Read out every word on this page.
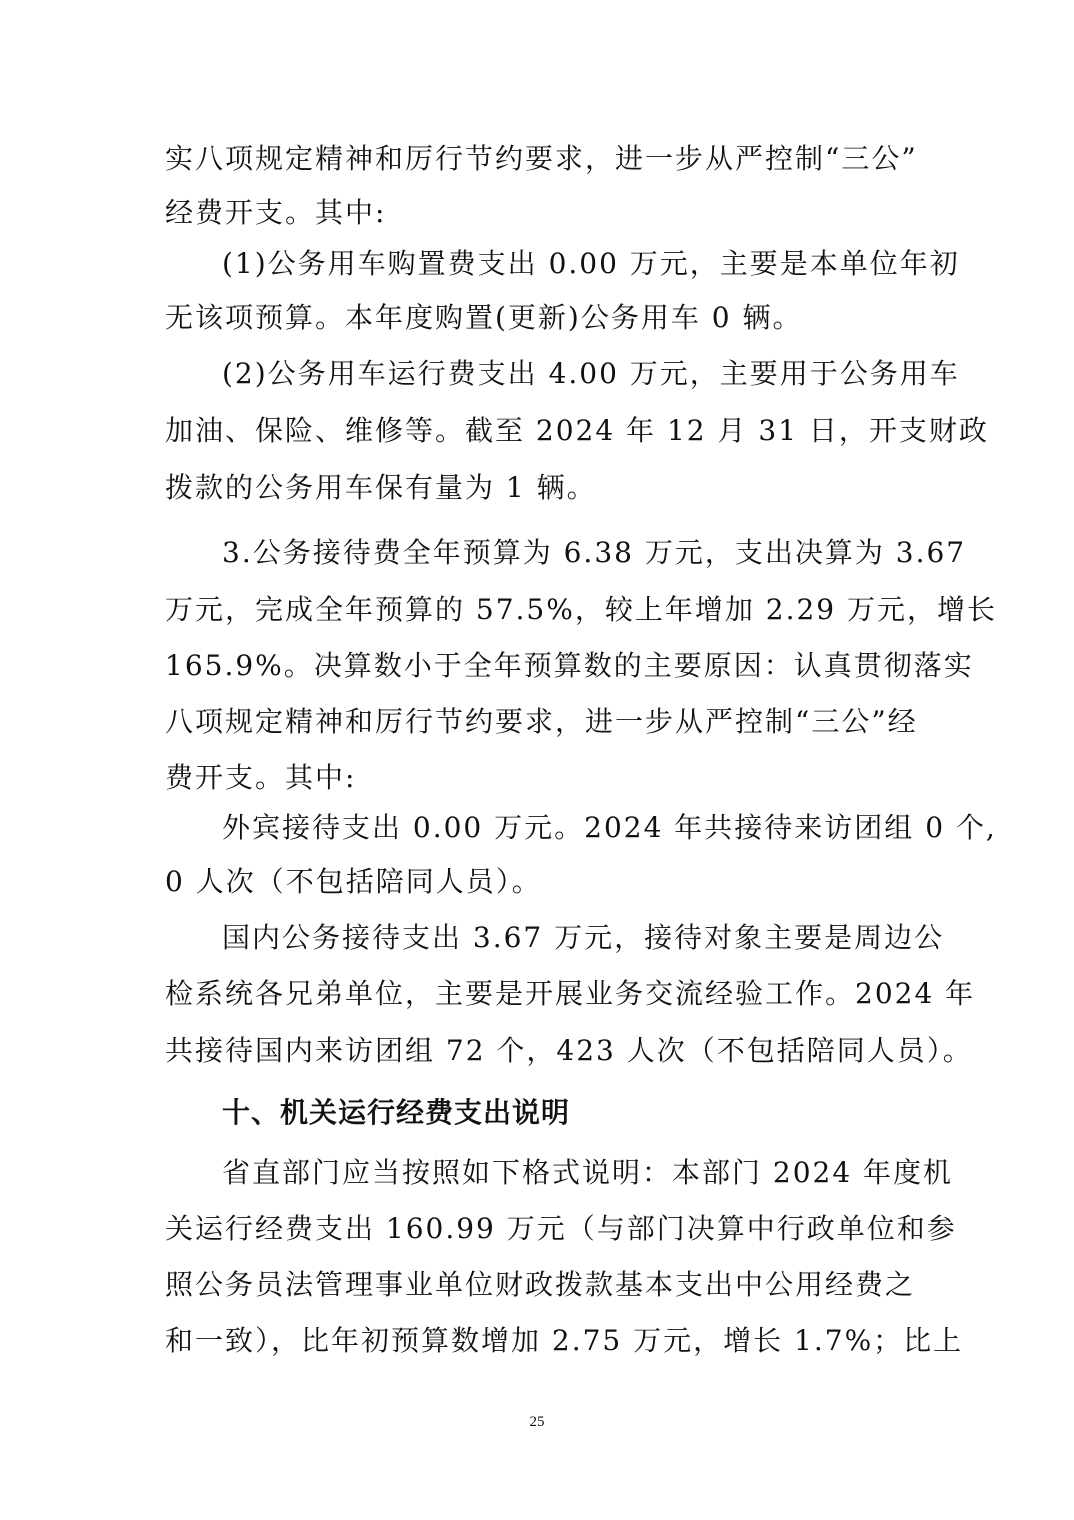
实八项规定精神和厉行节约要求，进一步从严控制“三公”
经费开支。其中:
(1)公务用车购置费支出 0.00 万元，主要是本单位年初
无该项预算。本年度购置(更新)公务用车 0 辆。
(2)公务用车运行费支出 4.00 万元，主要用于公务用车
加油、保险、维修等。截至 2024 年 12 月 31 日，开支财政
拨款的公务用车保有量为 1 辆。
3.公务接待费全年预算为 6.38 万元，支出决算为 3.67
万元，完成全年预算的 57.5%，较上年增加 2.29 万元，增长
165.9%。决算数小于全年预算数的主要原因：认真贯彻落实
八项规定精神和厉行节约要求，进一步从严控制“三公”经
费开支。其中:
外宾接待支出 0.00 万元。2024 年共接待来访团组 0 个,
0 人次（不包括陪同人员）。
国内公务接待支出 3.67 万元，接待对象主要是周边公
检系统各兄弟单位，主要是开展业务交流经验工作。2024 年
共接待国内来访团组 72 个，423 人次（不包括陪同人员）。
十、机关运行经费支出说明
省直部门应当按照如下格式说明：本部门 2024 年度机
关运行经费支出 160.99 万元（与部门决算中行政单位和参
照公务员法管理事业单位财政拨款基本支出中公用经费之
和一致），比年初预算数增加 2.75 万元，增长 1.7%；比上
25
